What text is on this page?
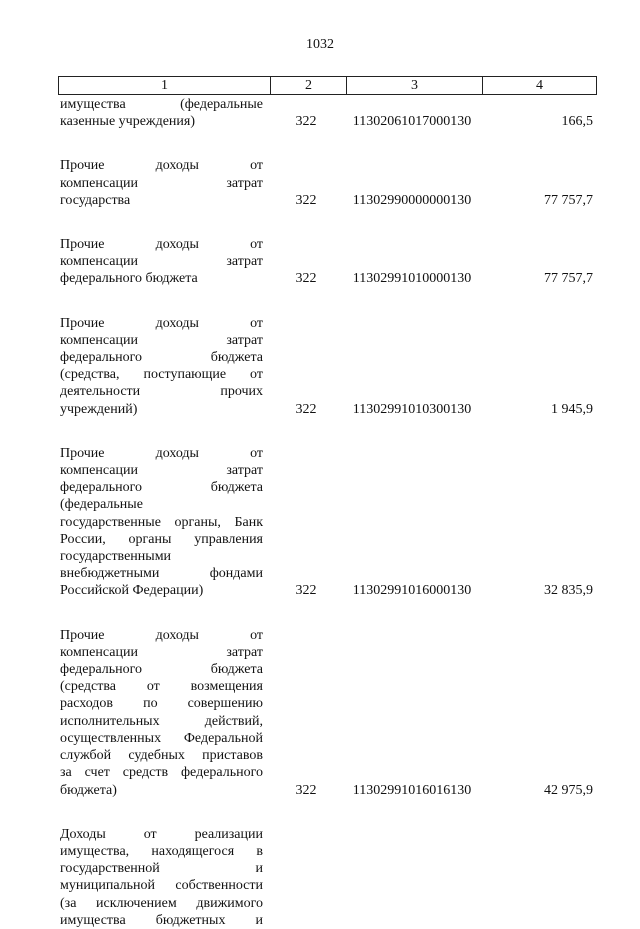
1032
1	2	3	4
имущества (федеральные
казенные учреждения)	322	11302061017000130	166,5
Прочие доходы от
компенсации затрат
государства	322	11302990000000130	77 757,7
Прочие доходы от
компенсации затрат
федерального бюджета	322	11302991010000130	77 757,7
Прочие доходы от
компенсации затрат
федерального бюджета
(средства, поступающие от
деятельности прочих
учреждений)	322	11302991010300130	1 945,9
Прочие доходы от
компенсации затрат
федерального бюджета
(федеральные
государственные органы, Банк
России, органы управления
государственными
внебюджетными фондами
Российской Федерации)	322	11302991016000130	32 835,9
Прочие доходы от
компенсации затрат
федерального бюджета
(средства от возмещения
расходов по совершению
исполнительных действий,
осуществленных Федеральной
службой судебных приставов
за счет средств федерального
бюджета)	322	11302991016016130	42 975,9
Доходы от реализации
имущества, находящегося в
государственной и
муниципальной собственности
(за исключением движимого
имущества бюджетных и
